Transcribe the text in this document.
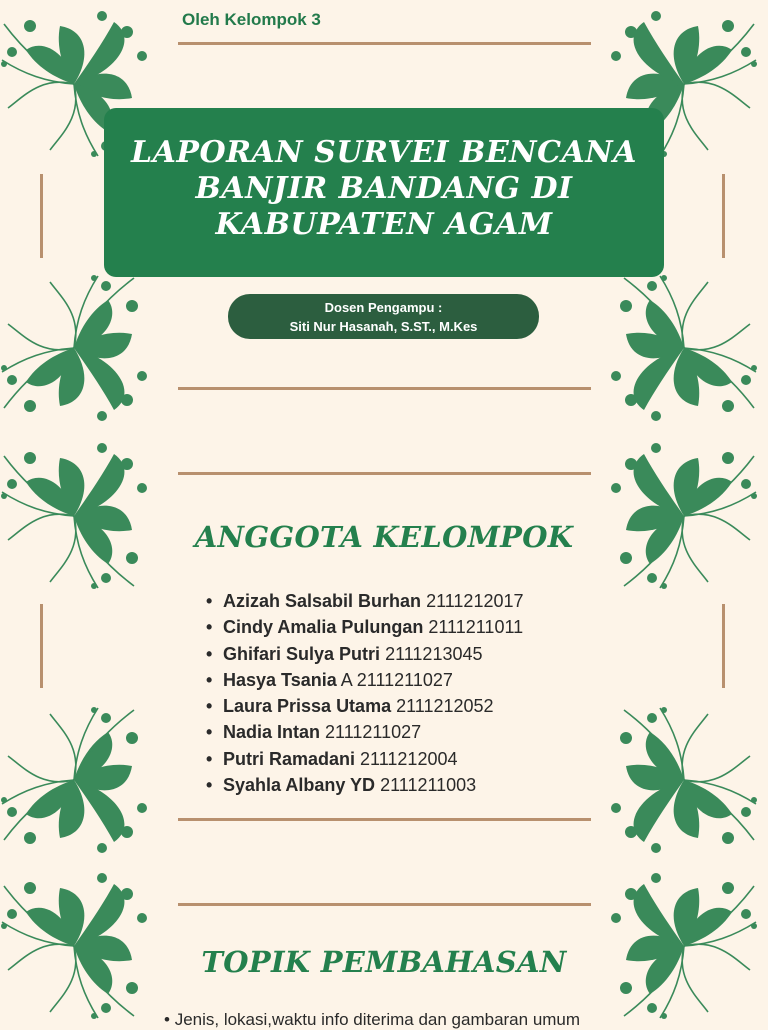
Oleh Kelompok 3
LAPORAN SURVEI BENCANA
BANJIR BANDANG DI
KABUPATEN AGAM
Dosen Pengampu :
Siti Nur Hasanah, S.ST., M.Kes
ANGGOTA KELOMPOK
• Azizah Salsabil Burhan 2111212017
• Cindy Amalia Pulungan 2111211011
• Ghifari Sulya Putri 2111213045
• Hasya Tsania A 2111211027
• Laura Prissa Utama 2111212052
• Nadia Intan 2111211027
• Putri Ramadani 2111212004
• Syahla Albany YD 2111211003
TOPIK PEMBAHASAN
• Jenis, lokasi,waktu info diterima dan gambaran umum
